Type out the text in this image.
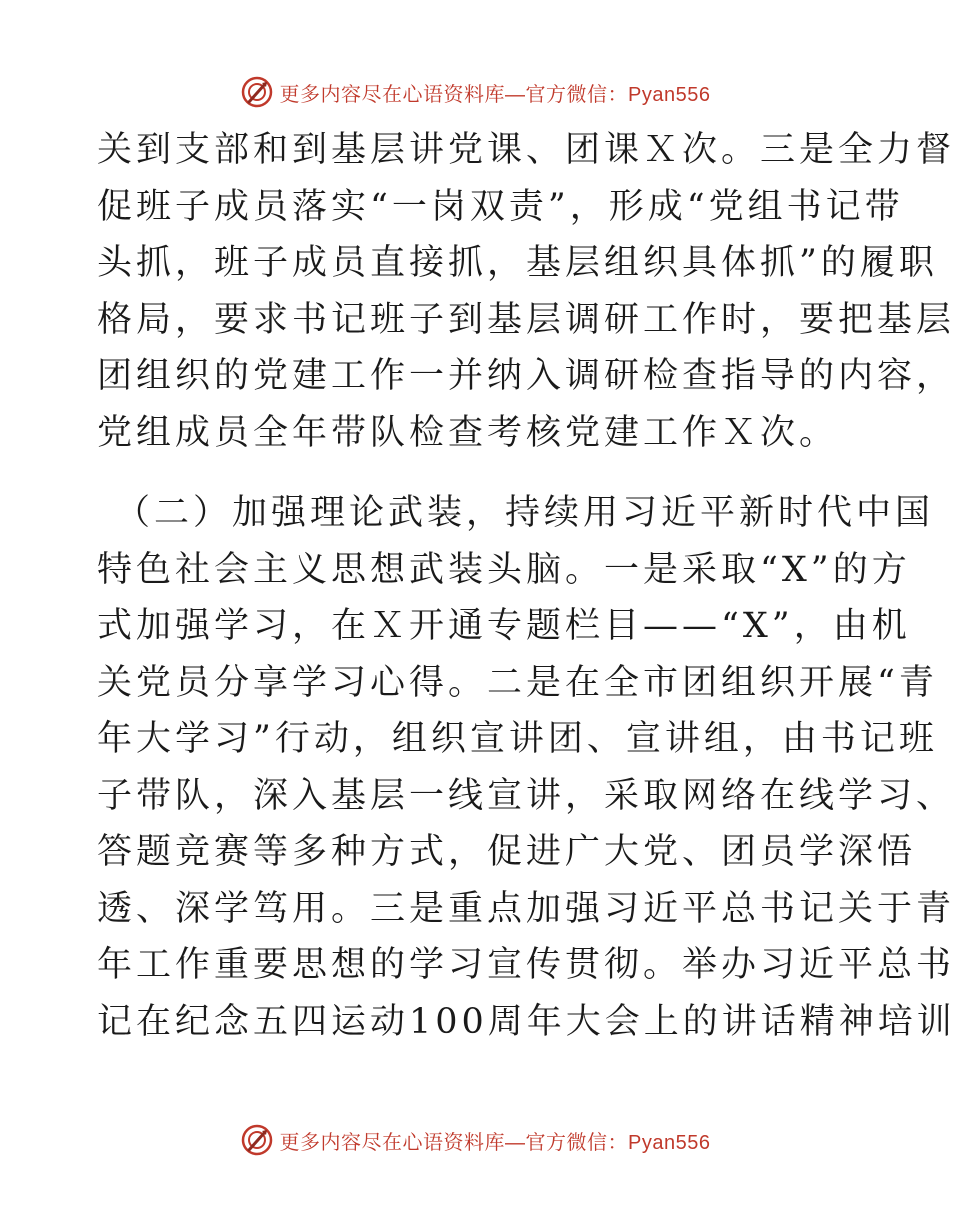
更多内容尽在心语资料库—官方微信：Pyan556
关到支部和到基层讲党课、团课Ｘ次。三是全力督
促班子成员落实“一岗双责”，形成“党组书记带
头抓，班子成员直接抓，基层组织具体抓”的履职
格局，要求书记班子到基层调研工作时，要把基层
团组织的党建工作一并纳入调研检查指导的内容，
党组成员全年带队检查考核党建工作Ｘ次。
（二）加强理论武装，持续用习近平新时代中国
特色社会主义思想武装头脑。一是采取“X”的方
式加强学习，在Ｘ开通专题栏目——“X”，由机
关党员分享学习心得。二是在全市团组织开展“青
年大学习”行动，组织宣讲团、宣讲组，由书记班
子带队，深入基层一线宣讲，采取网络在线学习、
答题竞赛等多种方式，促进广大党、团员学深悟
透、深学笃用。三是重点加强习近平总书记关于青
年工作重要思想的学习宣传贯彻。举办习近平总书
记在纪念五四运动100周年大会上的讲话精神培训
更多内容尽在心语资料库—官方微信：Pyan556
